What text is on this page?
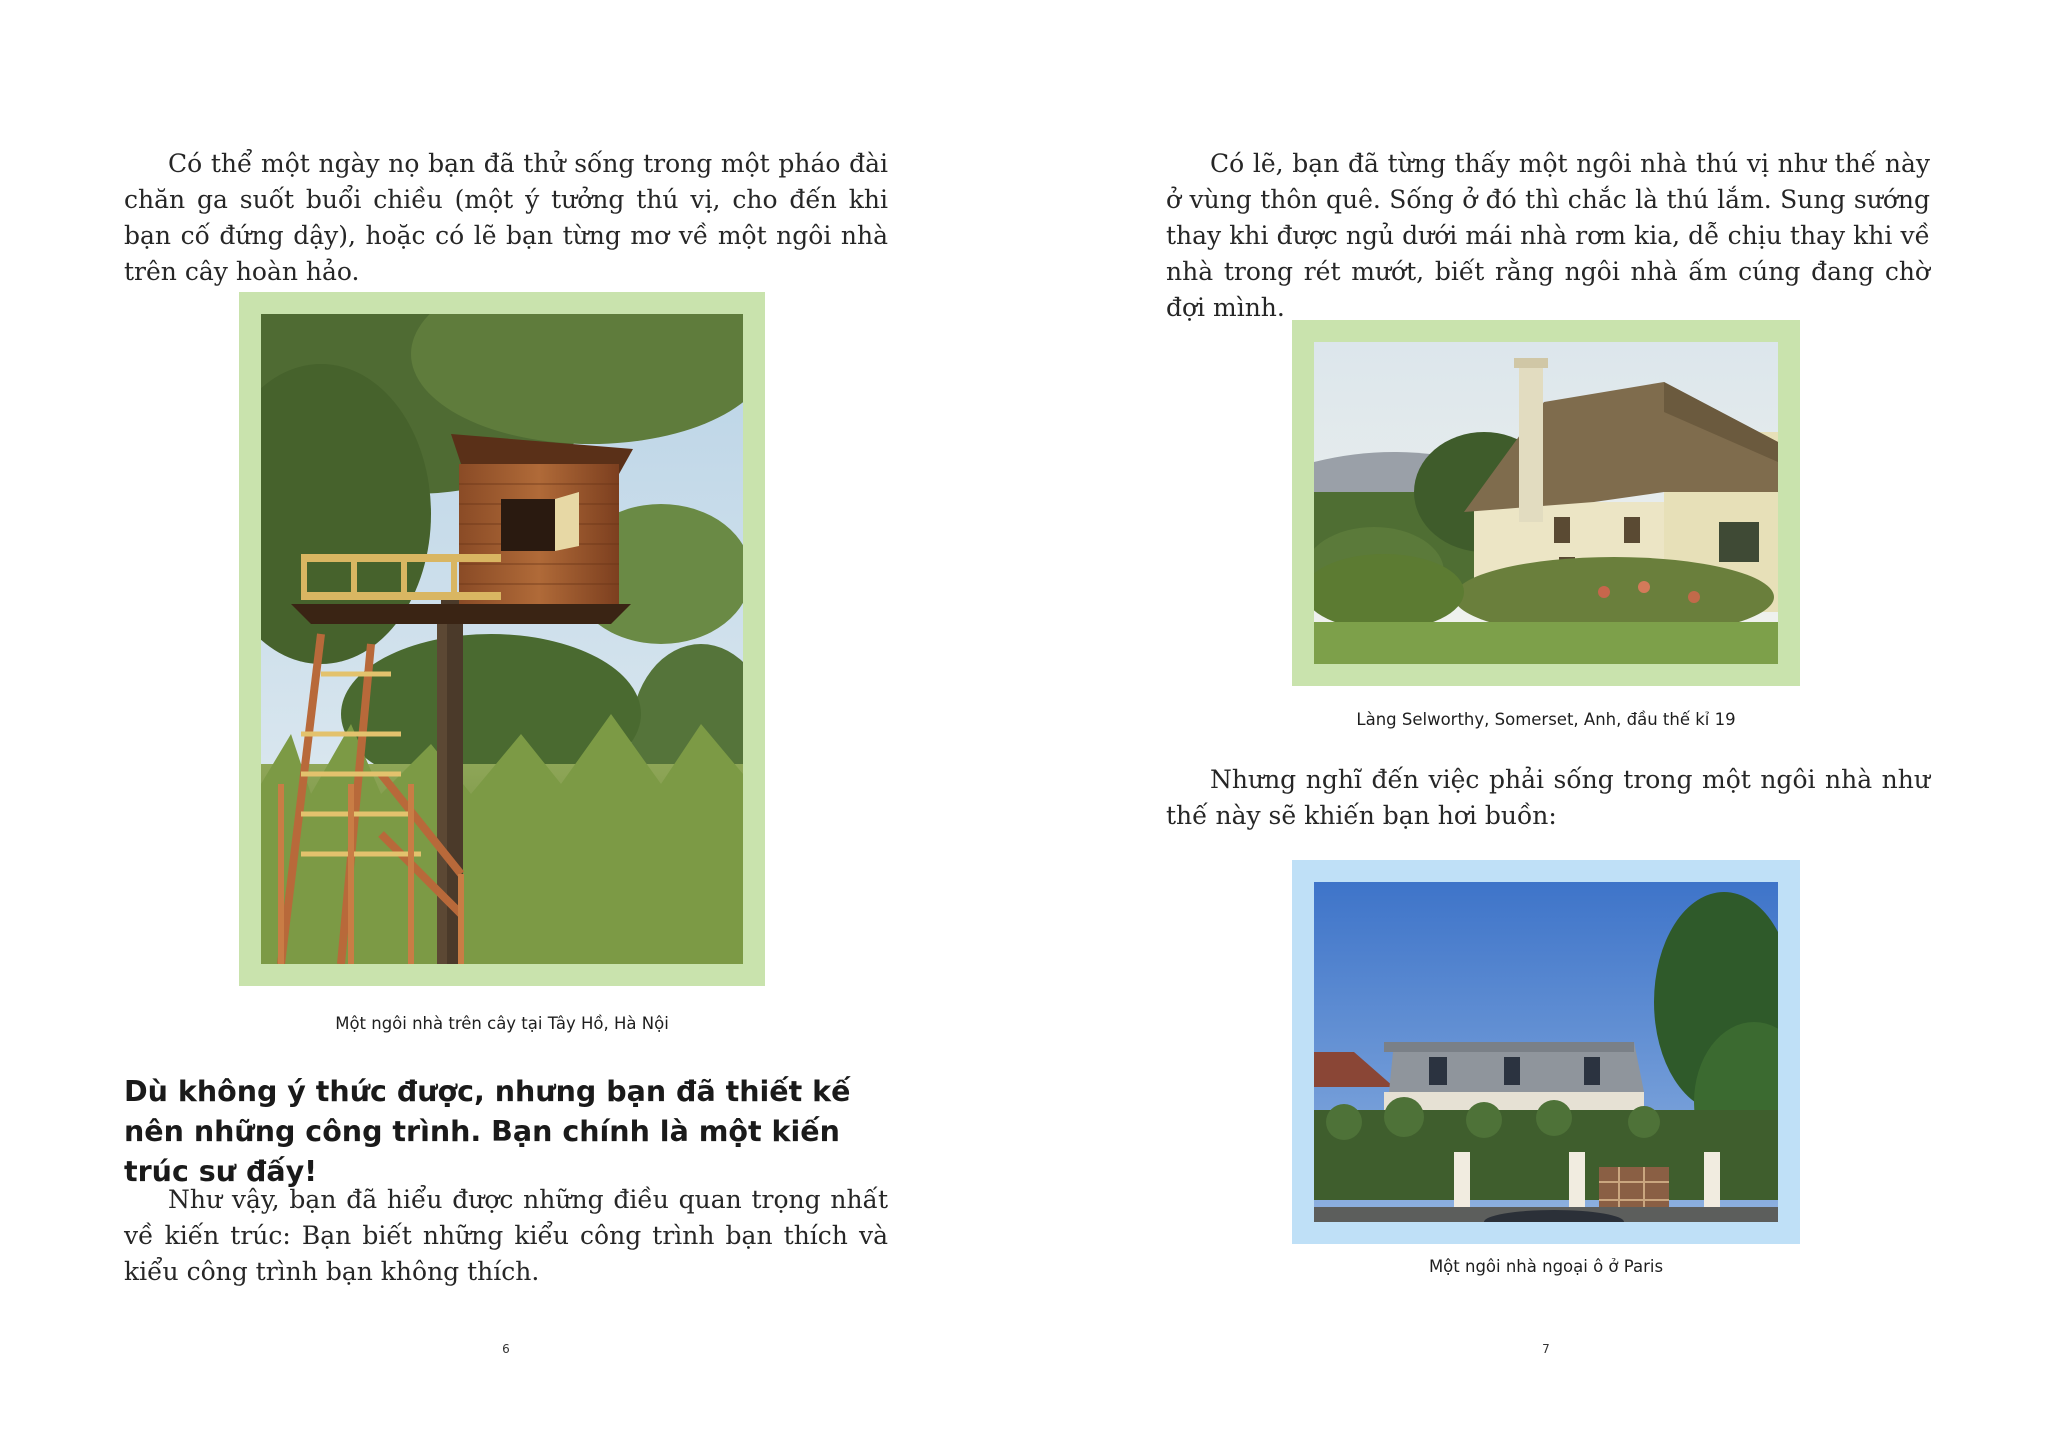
Có thể một ngày nọ bạn đã thử sống trong một pháo đài chăn ga suốt buổi chiều (một ý tưởng thú vị, cho đến khi bạn cố đứng dậy), hoặc có lẽ bạn từng mơ về một ngôi nhà trên cây hoàn hảo.

Một ngôi nhà trên cây tại Tây Hồ, Hà Nội

Dù không ý thức được, nhưng bạn đã thiết kế nên những công trình. Bạn chính là một kiến trúc sư đấy!

Như vậy, bạn đã hiểu được những điều quan trọng nhất về kiến trúc: Bạn biết những kiểu công trình bạn thích và kiểu công trình bạn không thích.

6

Có lẽ, bạn đã từng thấy một ngôi nhà thú vị như thế này ở vùng thôn quê. Sống ở đó thì chắc là thú lắm. Sung sướng thay khi được ngủ dưới mái nhà rơm kia, dễ chịu thay khi về nhà trong rét mướt, biết rằng ngôi nhà ấm cúng đang chờ đợi mình.

Làng Selworthy, Somerset, Anh, đầu thế kỉ 19

Nhưng nghĩ đến việc phải sống trong một ngôi nhà như thế này sẽ khiến bạn hơi buồn:

Một ngôi nhà ngoại ô ở Paris

7
